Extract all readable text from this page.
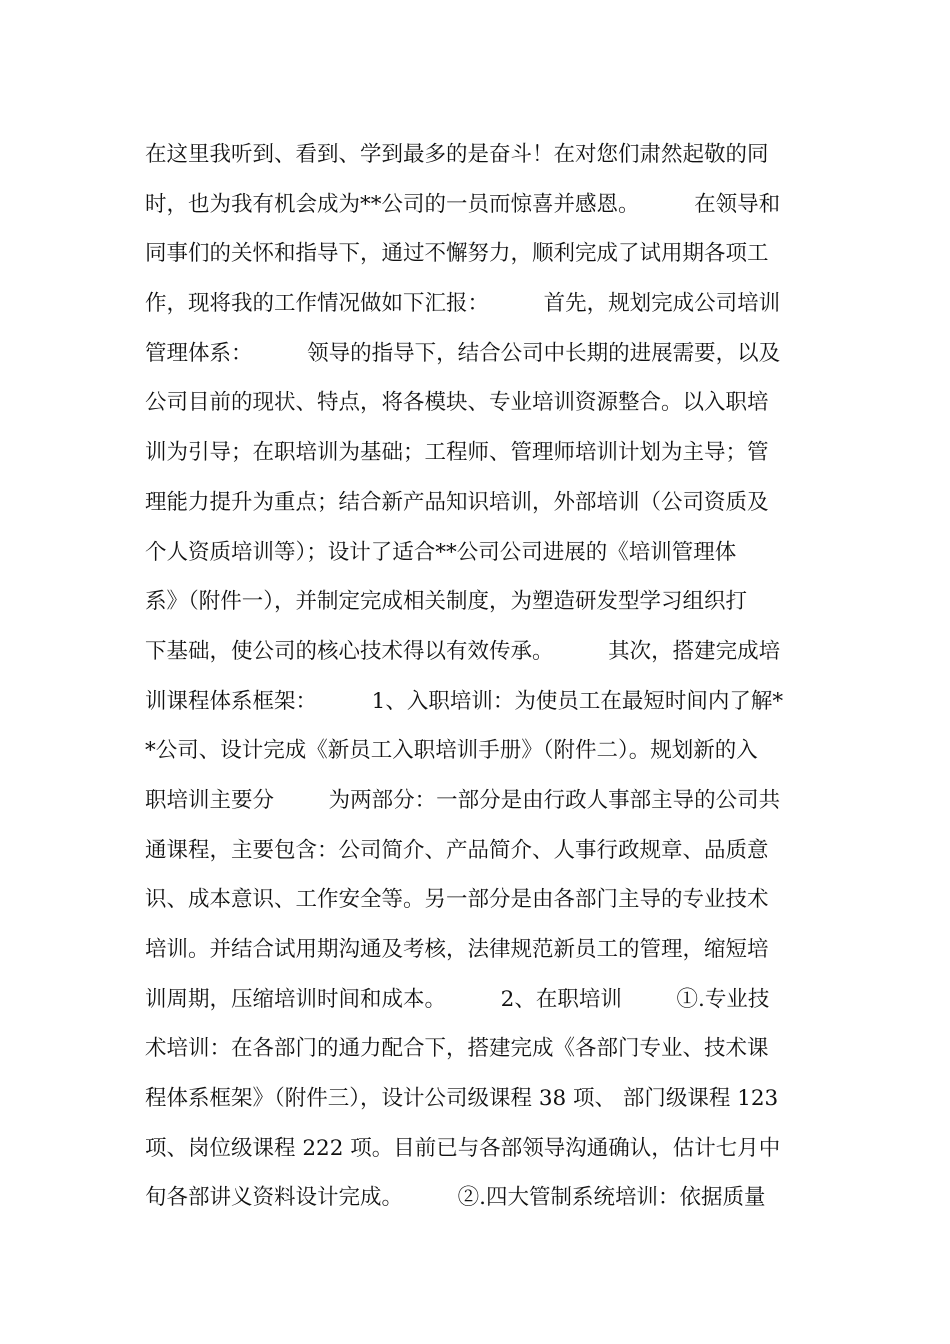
在这里我听到、看到、学到最多的是奋斗！在对您们肃然起敬的同
时，也为我有机会成为**公司的一员而惊喜并感恩。        在领导和
同事们的关怀和指导下，通过不懈努力，顺利完成了试用期各项工
作，现将我的工作情况做如下汇报：        首先，规划完成公司培训
管理体系：        领导的指导下，结合公司中长期的进展需要，以及
公司目前的现状、特点，将各模块、专业培训资源整合。以入职培
训为引导；在职培训为基础；工程师、管理师培训计划为主导；管
理能力提升为重点；结合新产品知识培训，外部培训（公司资质及
个人资质培训等）；设计了适合**公司公司进展的《培训管理体
系》（附件一），并制定完成相关制度，为塑造研发型学习组织打
下基础，使公司的核心技术得以有效传承。        其次，搭建完成培
训课程体系框架：        1、入职培训：为使员工在最短时间内了解*
*公司、设计完成《新员工入职培训手册》（附件二）。规划新的入
职培训主要分        为两部分：一部分是由行政人事部主导的公司共
通课程，主要包含：公司简介、产品简介、人事行政规章、品质意
识、成本意识、工作安全等。另一部分是由各部门主导的专业技术
培训。并结合试用期沟通及考核，法律规范新员工的管理，缩短培
训周期，压缩培训时间和成本。        2、在职培训        ①.专业技
术培训：在各部门的通力配合下，搭建完成《各部门专业、技术课
程体系框架》（附件三），设计公司级课程 38 项、 部门级课程 123
项、岗位级课程 222 项。目前已与各部领导沟通确认，估计七月中
旬各部讲义资料设计完成。        ②.四大管制系统培训：依据质量
